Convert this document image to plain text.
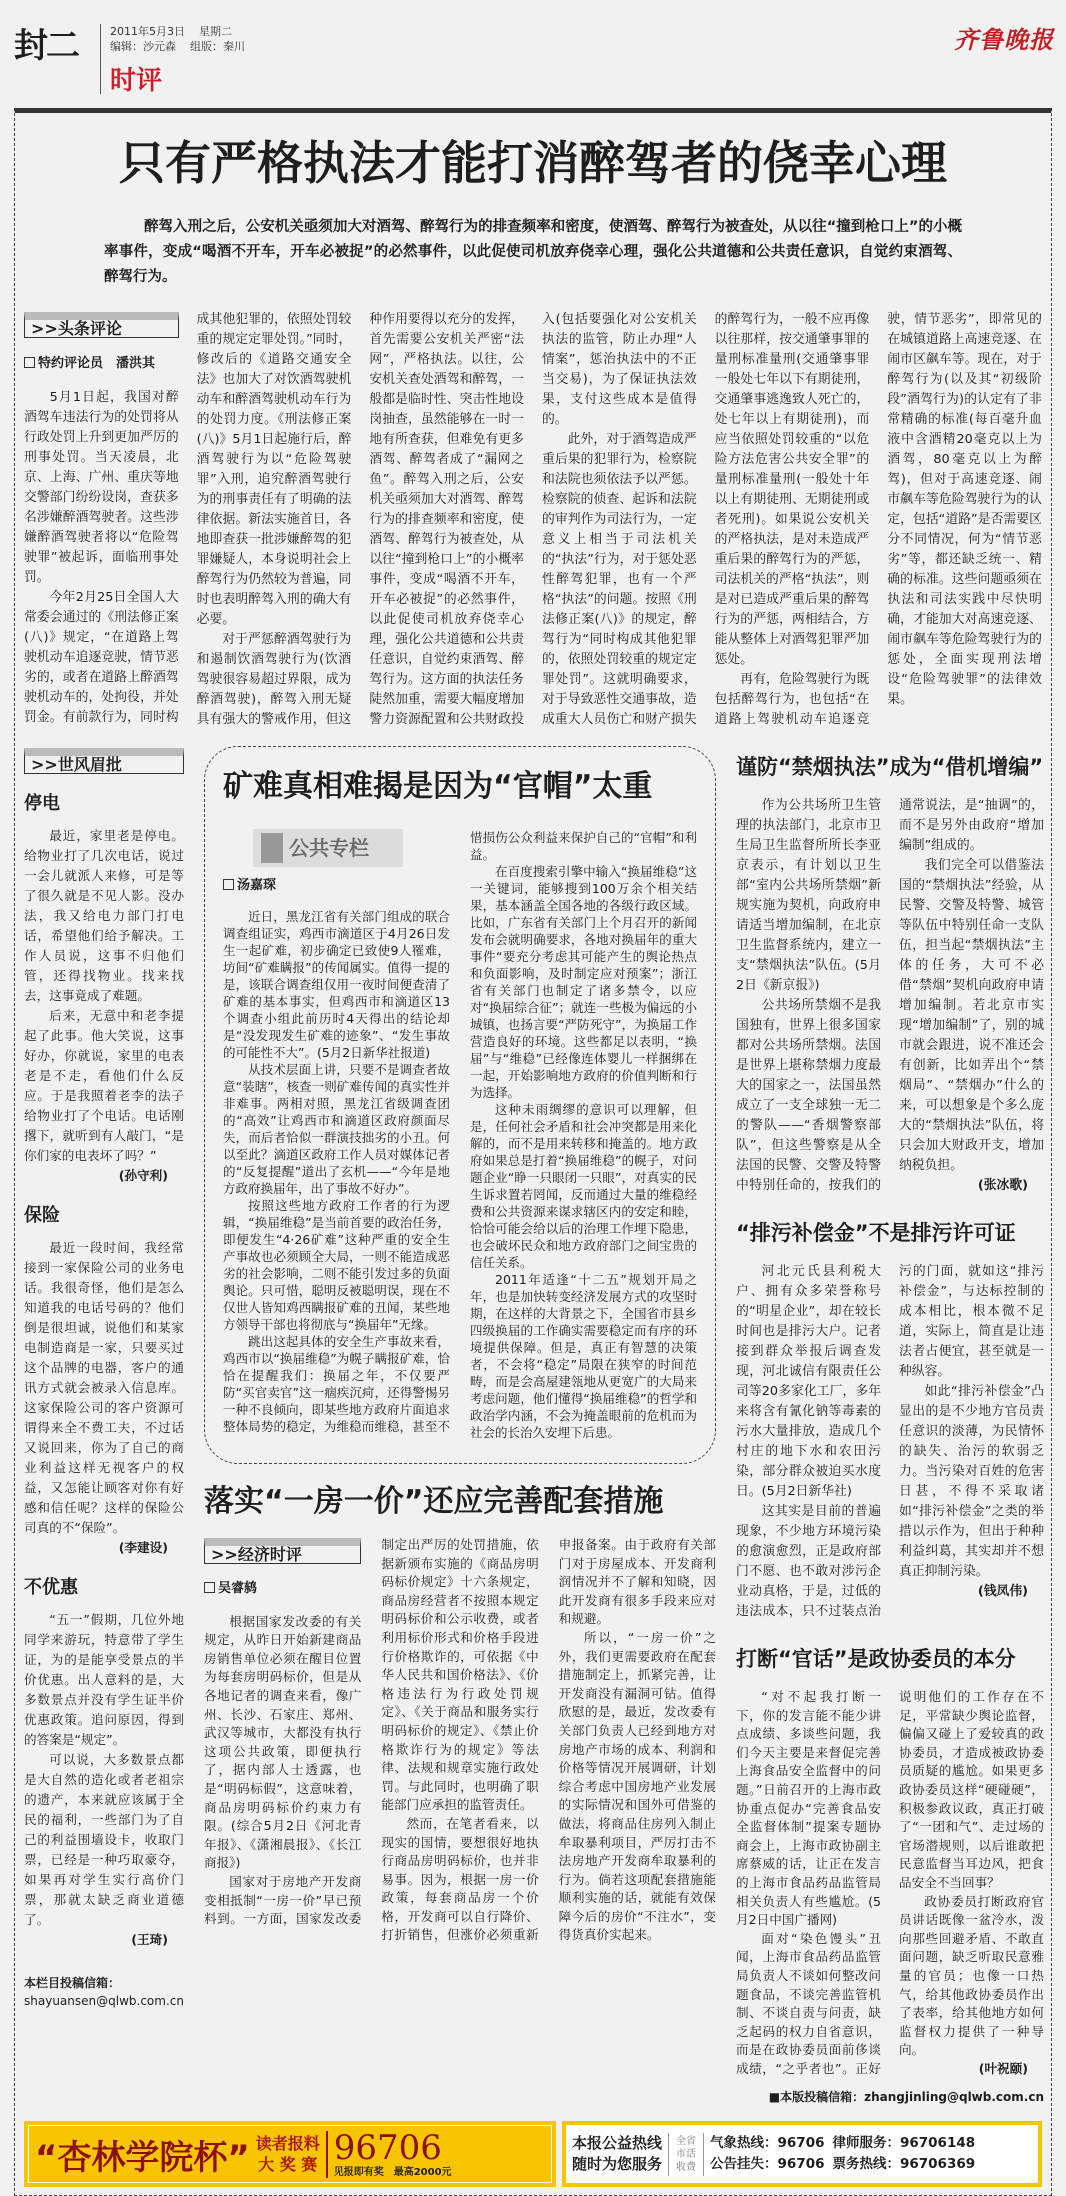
封二	2011年5月3日 星期二
编辑：沙元森 组版：秦川
时评
齐鲁晚报
只有严格执法才能打消醉驾者的侥幸心理

醉驾入刑之后，公安机关亟须加大对酒驾、醉驾行为的排查频率和密度，使酒驾、醉驾行为被查处，从以往“撞到枪口上”的小概率事件，变成“喝酒不开车，开车必被捉”的必然事件，以此促使司机放弃侥幸心理，强化公共道德和公共责任意识，自觉约束酒驾、醉驾行为。

>>头条评论
特约评论员　潘洪其

5月1日起，我国对醉酒驾车违法行为的处罚将从行政处罚上升到更加严厉的刑事处罚。当天凌晨，北京、上海、广州、重庆等地交警部门纷纷设岗，查获多名涉嫌醉酒驾驶者。这些涉嫌醉酒驾驶者将以“危险驾驶罪”被起诉，面临刑事处罚。

今年2月25日全国人大常委会通过的《刑法修正案(八)》规定，“在道路上驾驶机动车追逐竞驶，情节恶劣的，或者在道路上醉酒驾驶机动车的，处拘役，并处罚金。有前款行为，同时构成其他犯罪的，依照处罚较重的规定定罪处罚。”同时，修改后的《道路交通安全法》也加大了对饮酒驾驶机动车和醉酒驾驶机动车行为的处罚力度。《刑法修正案(八)》5月1日起施行后，醉酒驾驶行为以“危险驾驶罪”入刑，追究醉酒驾驶行为的刑事责任有了明确的法律依据。新法实施首日，各地即查获一批涉嫌醉驾的犯罪嫌疑人，本身说明社会上醉驾行为仍然较为普遍，同时也表明醉驾入刑的确大有必要。

对于严惩醉酒驾驶行为和遏制饮酒驾驶行为(饮酒驾驶很容易超过界限，成为醉酒驾驶)，醉驾入刑无疑具有强大的警戒作用，但这种作用要得以充分的发挥，首先需要公安机关严密“法网”，严格执法。以往，公安机关查处酒驾和醉驾，一般都是临时性、突击性地设岗抽查，虽然能够在一时一地有所查获，但难免有更多酒驾、醉驾者成了“漏网之鱼”。醉驾入刑之后，公安机关亟须加大对酒驾、醉驾行为的排查频率和密度，使酒驾、醉驾行为被查处，从以往“撞到枪口上”的小概率事件，变成“喝酒不开车，开车必被捉”的必然事件，以此促使司机放弃侥幸心理，强化公共道德和公共责任意识，自觉约束酒驾、醉驾行为。这方面的执法任务陡然加重，需要大幅度增加警力资源配置和公共财政投入(包括要强化对公安机关执法的监管，防止办理“人情案”，惩治执法中的不正当交易)，为了保证执法效果，支付这些成本是值得的。

此外，对于酒驾造成严重后果的犯罪行为，检察院和法院也须依法予以严惩。检察院的侦查、起诉和法院的审判作为司法行为，一定意义上相当于司法机关的“执法”行为，对于惩处恶性醉驾犯罪，也有一个严格“执法”的问题。按照《刑法修正案(八)》的规定，醉驾行为“同时构成其他犯罪的，依照处罚较重的规定定罪处罚”。这就明确要求，对于导致恶性交通事故，造成重大人员伤亡和财产损失的醉驾行为，一般不应再像以往那样，按交通肇事罪的量刑标准量刑(交通肇事罪一般处七年以下有期徒刑，交通肇事逃逸致人死亡的，处七年以上有期徒刑)，而应当依照处罚较重的“以危险方法危害公共安全罪”的量刑标准量刑(一般处十年以上有期徒刑、无期徒刑或者死刑)。如果说公安机关的严格执法，是对未造成严重后果的醉驾行为的严惩，司法机关的严格“执法”，则是对已造成严重后果的醉驾行为的严惩，两相结合，方能从整体上对酒驾犯罪严加惩处。

再有，危险驾驶行为既包括醉驾行为，也包括“在道路上驾驶机动车追逐竞驶，情节恶劣”，即常见的在城镇道路上高速竞逐、在闹市区飙车等。现在，对于醉驾行为(以及其“初级阶段”酒驾行为)的认定有了非常精确的标准(每百毫升血液中含酒精20毫克以上为酒驾，80毫克以上为醉驾)，但对于高速竞逐、闹市飙车等危险驾驶行为的认定，包括“道路”是否需要区分不同情况，何为“情节恶劣”等，都还缺乏统一、精确的标准。这些问题亟须在执法和司法实践中尽快明确，才能加大对高速竞逐、闹市飙车等危险驾驶行为的惩处，全面实现刑法增设“危险驾驶罪”的法律效果。

>>世风眉批
停电

最近，家里老是停电。给物业打了几次电话，说过一会儿就派人来修，可是等了很久就是不见人影。没办法，我又给电力部门打电话，希望他们给予解决。工作人员说，这事不归他们管，还得找物业。找来找去，这事竟成了难题。

后来，无意中和老李提起了此事。他大笑说，这事好办，你就说，家里的电表老是不走，看他们什么反应。于是我照着老李的法子给物业打了个电话。电话刚撂下，就听到有人敲门，“是你们家的电表坏了吗？”

(孙守利)

保险

最近一段时间，我经常接到一家保险公司的业务电话。我很奇怪，他们是怎么知道我的电话号码的？他们倒是很坦诚，说他们和某家电制造商是一家，只要买过这个品牌的电器，客户的通讯方式就会被录入信息库。这家保险公司的客户资源可谓得来全不费工夫，不过话又说回来，你为了自己的商业利益这样无视客户的权益，又怎能让顾客对你有好感和信任呢？这样的保险公司真的不“保险”。

(李建设)

不优惠

“五一”假期，几位外地同学来游玩，特意带了学生证，为的是能享受景点的半价优惠。出人意料的是，大多数景点并没有学生证半价优惠政策。追问原因，得到的答案是“规定”。

可以说，大多数景点都是大自然的造化或者老祖宗的遗产，本来就应该属于全民的福利，一些部门为了自己的利益围墙设卡，收取门票，已经是一种巧取豪夺，如果再对学生实行高价门票，那就太缺乏商业道德了。

(王琦)

本栏目投稿信箱：
shayuansen@qlwb.com.cn
矿难真相难揭是因为“官帽”太重
公共专栏
汤嘉琛

近日，黑龙江省有关部门组成的联合调查组证实，鸡西市滴道区于4月26日发生一起矿难，初步确定已致使9人罹难，坊间“矿难瞒报”的传闻属实。值得一提的是，该联合调查组仅用一夜时间便查清了矿难的基本事实，但鸡西市和滴道区13个调查小组此前历时4天得出的结论却是“没发现发生矿难的迹象”、“发生事故的可能性不大”。(5月2日新华社报道)

从技术层面上讲，只要不是调查者故意“装瞎”，核查一则矿难传闻的真实性并非难事。两相对照，黑龙江省级调查团的“高效”让鸡西市和滴道区政府颜面尽失，而后者恰似一群演技拙劣的小丑。何以至此？滴道区政府工作人员对媒体记者的“反复提醒”道出了玄机——“今年是地方政府换届年，出了事故不好办”。

按照这些地方政府工作者的行为逻辑，“换届维稳”是当前首要的政治任务，即便发生“4·26矿难”这种严重的安全生产事故也必须顾全大局，一则不能造成恶劣的社会影响，二则不能引发过多的负面舆论。只可惜，聪明反被聪明误，现在不仅世人皆知鸡西瞒报矿难的丑闻，某些地方领导干部也将彻底与“换届年”无缘。

跳出这起具体的安全生产事故来看，鸡西市以“换届维稳”为幌子瞒报矿难，恰恰在提醒我们：换届之年，不仅要严防“买官卖官”这一痼疾沉疴，还得警惕另一种不良倾向，即某些地方政府片面追求整体局势的稳定，为维稳而维稳，甚至不惜损伤公众利益来保护自己的“官帽”和利益。

在百度搜索引擎中输入“换届维稳”这一关键词，能够搜到100万余个相关结果，基本涵盖全国各地的各级行政区域。比如，广东省有关部门上个月召开的新闻发布会就明确要求，各地对换届年的重大事件“要充分考虑其可能产生的舆论热点和负面影响，及时制定应对预案”；浙江省有关部门也制定了诸多禁令，以应对“换届综合征”；就连一些极为偏远的小城镇，也扬言要“严防死守”，为换届工作营造良好的环境。这些都足以表明，“换届”与“维稳”已经像连体婴儿一样捆绑在一起，开始影响地方政府的价值判断和行为选择。

这种未雨绸缪的意识可以理解，但是，任何社会矛盾和社会冲突都是用来化解的，而不是用来转移和掩盖的。地方政府如果总是打着“换届维稳”的幌子，对问题企业“睁一只眼闭一只眼”，对真实的民生诉求置若罔闻，反而通过大量的维稳经费和公共资源来谋求辖区内的安定和睦，恰恰可能会给以后的治理工作埋下隐患，也会破坏民众和地方政府部门之间宝贵的信任关系。

2011年适逢“十二五”规划开局之年，也是加快转变经济发展方式的攻坚时期，在这样的大背景之下，全国省市县乡四级换届的工作确实需要稳定而有序的环境提供保障。但是，真正有智慧的决策者，不会将“稳定”局限在狭窄的时间范畴，而是会高屋建瓴地从更宽广的大局来考虑问题，他们懂得“换届维稳”的哲学和政治学内涵，不会为掩盖眼前的危机而为社会的长治久安埋下后患。

落实“一房一价”还应完善配套措施
>>经济时评
吴睿鸫

根据国家发改委的有关规定，从昨日开始新建商品房销售单位必须在醒目位置为每套房明码标价，但是从各地记者的调查来看，像广州、长沙、石家庄、郑州、武汉等城市，大都没有执行这项公共政策，即便执行了，据内部人士透露，也是“明码标假”，这意味着，商品房明码标价约束力有限。(综合5月2日《河北青年报》、《潇湘晨报》、《长江商报》)

国家对于房地产开发商变相抵制“一房一价”早已预料到。一方面，国家发改委制定出严厉的处罚措施，依据新颁布实施的《商品房明码标价规定》十六条规定，商品房经营者不按照本规定明码标价和公示收费，或者利用标价形式和价格手段进行价格欺诈的，可依据《中华人民共和国价格法》、《价格违法行为行政处罚规定》、《关于商品和服务实行明码标价的规定》、《禁止价格欺诈行为的规定》等法律、法规和规章实施行政处罚。与此同时，也明确了职能部门应承担的监管责任。

然而，在笔者看来，以现实的国情，要想很好地执行商品房明码标价，也并非易事。因为，根据一房一价政策，每套商品房一个价格，开发商可以自行降价、打折销售，但涨价必须重新申报备案。由于政府有关部门对于房屋成本、开发商利润情况并不了解和知晓，因此开发商有很多手段来应对和规避。

所以，“一房一价”之外，我们更需要政府在配套措施制定上，抓紧完善，让开发商没有漏洞可钻。值得欣慰的是，最近，发改委有关部门负责人已经到地方对房地产市场的成本、利润和价格等情况开展调研，计划综合考虑中国房地产业发展的实际情况和国外可借鉴的做法，将商品住房列入制止牟取暴利项目，严厉打击不法房地产开发商牟取暴利的行为。倘若这项配套措施能顺利实施的话，就能有效保障今后的房价“不注水”，变得货真价实起来。

谨防“禁烟执法”成为“借机增编”

作为公共场所卫生管理的执法部门，北京市卫生局卫生监督所所长李亚京表示，有计划以卫生部“室内公共场所禁烟”新规实施为契机，向政府申请适当增加编制，在北京卫生监督系统内，建立一支“禁烟执法”队伍。(5月2日《新京报》)

公共场所禁烟不是我国独有，世界上很多国家都对公共场所禁烟。法国是世界上堪称禁烟力度最大的国家之一，法国虽然成立了一支全球独一无二的警队——“香烟警察部队”，但这些警察是从全法国的民警、交警及特警中特别任命的，按我们的通常说法，是“抽调”的，而不是另外由政府“增加编制”组成的。

我们完全可以借鉴法国的“禁烟执法”经验，从民警、交警及特警、城管等队伍中特别任命一支队伍，担当起“禁烟执法”主体的任务，大可不必借“禁烟”契机向政府申请增加编制。若北京市实现“增加编制”了，别的城市就会跟进，说不准还会有创新，比如弄出个“禁烟局”、“禁烟办”什么的来，可以想象是个多么庞大的“禁烟执法”队伍，将只会加大财政开支，增加纳税负担。

(张冰歌)

“排污补偿金”不是排污许可证

河北元氏县利税大户、拥有众多荣誉称号的“明星企业”，却在较长时间也是排污大户。记者接到群众举报后调查发现，河北诚信有限责任公司等20多家化工厂，多年来将含有氰化钠等毒素的污水大量排放，造成几个村庄的地下水和农田污染，部分群众被迫买水度日。(5月2日新华社)

这其实是目前的普遍现象，不少地方环境污染的愈演愈烈，正是政府部门不愿、也不敢对涉污企业动真格，于是，过低的违法成本，只不过装点治污的门面，就如这“排污补偿金”，与达标控制的成本相比，根本微不足道，实际上，简直是让违法者占便宜，甚至就是一种纵容。

如此“排污补偿金”凸显出的是不少地方官员责任意识的淡薄，为民情怀的缺失、治污的软弱乏力。当污染对百姓的危害日甚，不得不采取诸如“排污补偿金”之类的举措以示作为，但出于种种利益纠葛，其实却并不想真正抑制污染。

(钱凤伟)

打断“官话”是政协委员的本分

“对不起我打断一下，你的发言能不能少讲点成绩、多谈些问题，我们今天主要是来督促完善上海食品安全监督中的问题。”日前召开的上海市政协重点促办“完善食品安全监督体制”提案专题协商会上，上海市政协副主席蔡威的话，让正在发言的上海市食品药品监管局相关负责人有些尴尬。(5月2日中国广播网)

面对“染色馒头”丑闻，上海市食品药品监管局负责人不谈如何整改问题食品，不谈完善监管机制、不谈自责与问责，缺乏起码的权力自省意识，而是在政协委员面前侈谈成绩，“之乎者也”。正好说明他们的工作存在不足，平常缺少舆论监督，偏偏又碰上了爱较真的政协委员，才造成被政协委员质疑的尴尬。如果更多政协委员这样“硬碰硬”，积极参政议政，真正打破了“一团和气”、走过场的官场潜规则，以后谁敢把民意监督当耳边风，把食品安全不当回事？

政协委员打断政府官员讲话既像一盆冷水，泼向那些回避矛盾、不敢直面问题，缺乏听取民意雅量的官员；也像一口热气，给其他政协委员作出了表率，给其他地方如何监督权力提供了一种导向。

(叶祝颐)

■本版投稿信箱：zhangjinling@qlwb.com.cn
“杏林学院杯” 读者报料
大 奖 赛 96706
见报即有奖　最高2000元
本报公益热线
随时为您服务
全省市话收费
气象热线：96706 律师服务：96706148
公告挂失：96706 票务热线：96706369
